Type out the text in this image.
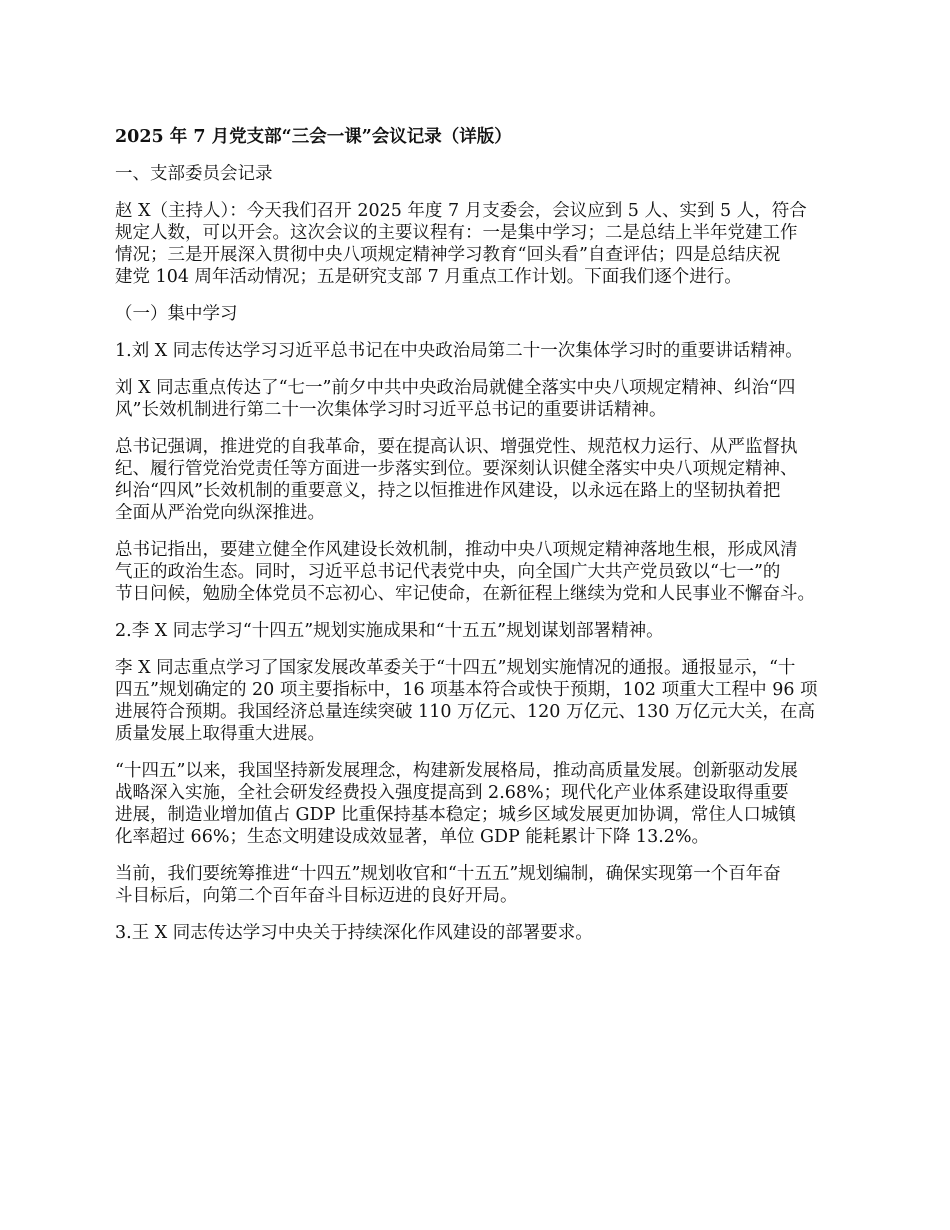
2025 年 7 月党支部“三会一课”会议记录（详版）
一、支部委员会记录
赵 X（主持人）：今天我们召开 2025 年度 7 月支委会，会议应到 5 人、实到 5 人，符合
规定人数，可以开会。这次会议的主要议程有：一是集中学习；二是总结上半年党建工作
情况；三是开展深入贯彻中央八项规定精神学习教育“回头看”自查评估；四是总结庆祝
建党 104 周年活动情况；五是研究支部 7 月重点工作计划。下面我们逐个进行。
（一）集中学习
1.刘 X 同志传达学习习近平总书记在中央政治局第二十一次集体学习时的重要讲话精神。
刘 X 同志重点传达了“七一”前夕中共中央政治局就健全落实中央八项规定精神、纠治“四
风”长效机制进行第二十一次集体学习时习近平总书记的重要讲话精神。
总书记强调，推进党的自我革命，要在提高认识、增强党性、规范权力运行、从严监督执
纪、履行管党治党责任等方面进一步落实到位。要深刻认识健全落实中央八项规定精神、
纠治“四风”长效机制的重要意义，持之以恒推进作风建设，以永远在路上的坚韧执着把
全面从严治党向纵深推进。
总书记指出，要建立健全作风建设长效机制，推动中央八项规定精神落地生根，形成风清
气正的政治生态。同时，习近平总书记代表党中央，向全国广大共产党员致以“七一”的
节日问候，勉励全体党员不忘初心、牢记使命，在新征程上继续为党和人民事业不懈奋斗。
2.李 X 同志学习“十四五”规划实施成果和“十五五”规划谋划部署精神。
李 X 同志重点学习了国家发展改革委关于“十四五”规划实施情况的通报。通报显示，“十
四五”规划确定的 20 项主要指标中，16 项基本符合或快于预期，102 项重大工程中 96 项
进展符合预期。我国经济总量连续突破 110 万亿元、120 万亿元、130 万亿元大关，在高
质量发展上取得重大进展。
“十四五”以来，我国坚持新发展理念，构建新发展格局，推动高质量发展。创新驱动发展
战略深入实施，全社会研发经费投入强度提高到 2.68%；现代化产业体系建设取得重要
进展，制造业增加值占 GDP 比重保持基本稳定；城乡区域发展更加协调，常住人口城镇
化率超过 66%；生态文明建设成效显著，单位 GDP 能耗累计下降 13.2%。
当前，我们要统筹推进“十四五”规划收官和“十五五”规划编制，确保实现第一个百年奋
斗目标后，向第二个百年奋斗目标迈进的良好开局。
3.王 X 同志传达学习中央关于持续深化作风建设的部署要求。
